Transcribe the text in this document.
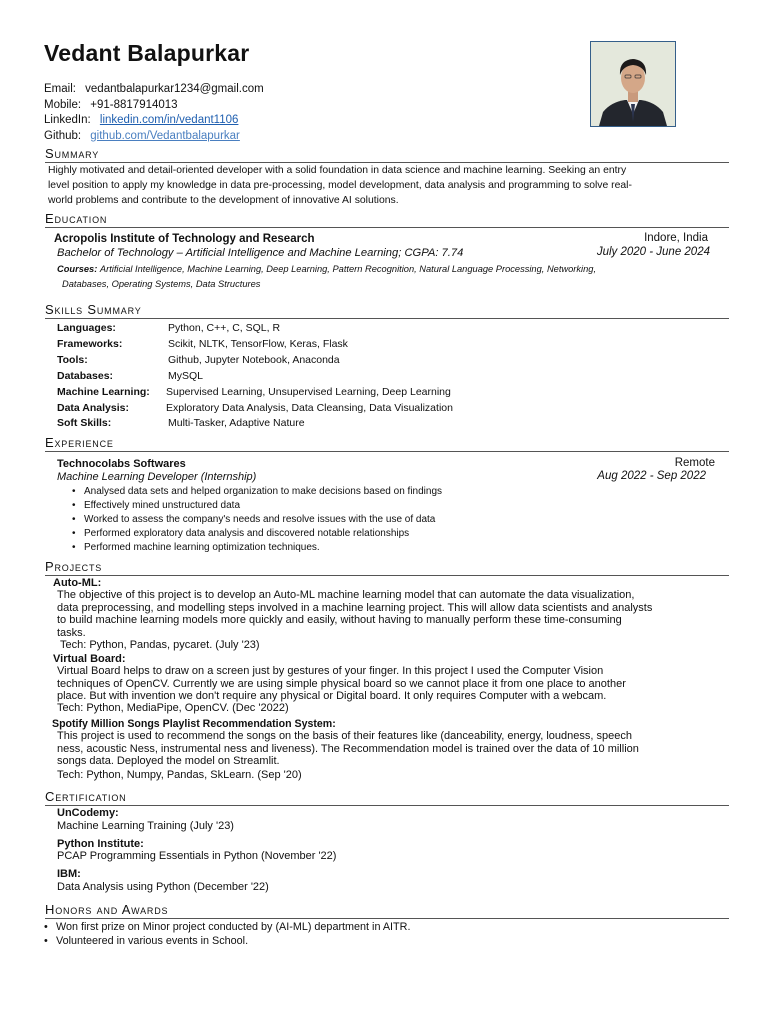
Vedant Balapurkar
Email: vedantbalapurkar1234@gmail.com
Mobile: +91-8817914013
LinkedIn: linkedin.com/in/vedant1106
Github: github.com/Vedantbalapurkar
Summary
Highly motivated and detail-oriented developer with a solid foundation in data science and machine learning. Seeking an entry
level position to apply my knowledge in data pre-processing, model development, data analysis and programming to solve real-
world problems and contribute to the development of innovative AI solutions.
Education
Acropolis Institute of Technology and Research	Indore, India
Bachelor of Technology – Artificial Intelligence and Machine Learning; CGPA: 7.74	July 2020 - June 2024
Courses: Artificial Intelligence, Machine Learning, Deep Learning, Pattern Recognition, Natural Language Processing, Networking,
Databases, Operating Systems, Data Structures
Skills Summary
Languages:	Python, C++, C, SQL, R
Frameworks:	Scikit, NLTK, TensorFlow, Keras, Flask
Tools:	Github, Jupyter Notebook, Anaconda
Databases:	MySQL
Machine Learning: Supervised Learning, Unsupervised Learning, Deep Learning
Data Analysis:	Exploratory Data Analysis, Data Cleansing, Data Visualization
Soft Skills:	Multi-Tasker, Adaptive Nature
Experience
Technocolabs Softwares	Remote
Machine Learning Developer (Internship)	Aug 2022 - Sep 2022
• Analysed data sets and helped organization to make decisions based on findings
• Effectively mined unstructured data
• Worked to assess the company's needs and resolve issues with the use of data
• Performed exploratory data analysis and discovered notable relationships
• Performed machine learning optimization techniques.
Projects
Auto-ML:
The objective of this project is to develop an Auto-ML machine learning model that can automate the data visualization,
data preprocessing, and modelling steps involved in a machine learning project. This will allow data scientists and analysts
to build machine learning models more quickly and easily, without having to manually perform these time-consuming
tasks.
Tech: Python, Pandas, pycaret. (July '23)
Virtual Board:
Virtual Board helps to draw on a screen just by gestures of your finger. In this project I used the Computer Vision
techniques of OpenCV. Currently we are using simple physical board so we cannot place it from one place to another
place. But with invention we don't require any physical or Digital board. It only requires Computer with a webcam.
Tech: Python, MediaPipe, OpenCV. (Dec '2022)
Spotify Million Songs Playlist Recommendation System:
This project is used to recommend the songs on the basis of their features like (danceability, energy, loudness, speech
ness, acoustic Ness, instrumental ness and liveness). The Recommendation model is trained over the data of 10 million
songs data. Deployed the model on Streamlit.
Tech: Python, Numpy, Pandas, SkLearn. (Sep '20)
Certification
UnCodemy:
Machine Learning Training (July '23)
Python Institute:
PCAP Programming Essentials in Python (November '22)
IBM:
Data Analysis using Python (December '22)
Honors and Awards
• Won first prize on Minor project conducted by (AI-ML) department in AITR.
• Volunteered in various events in School.
